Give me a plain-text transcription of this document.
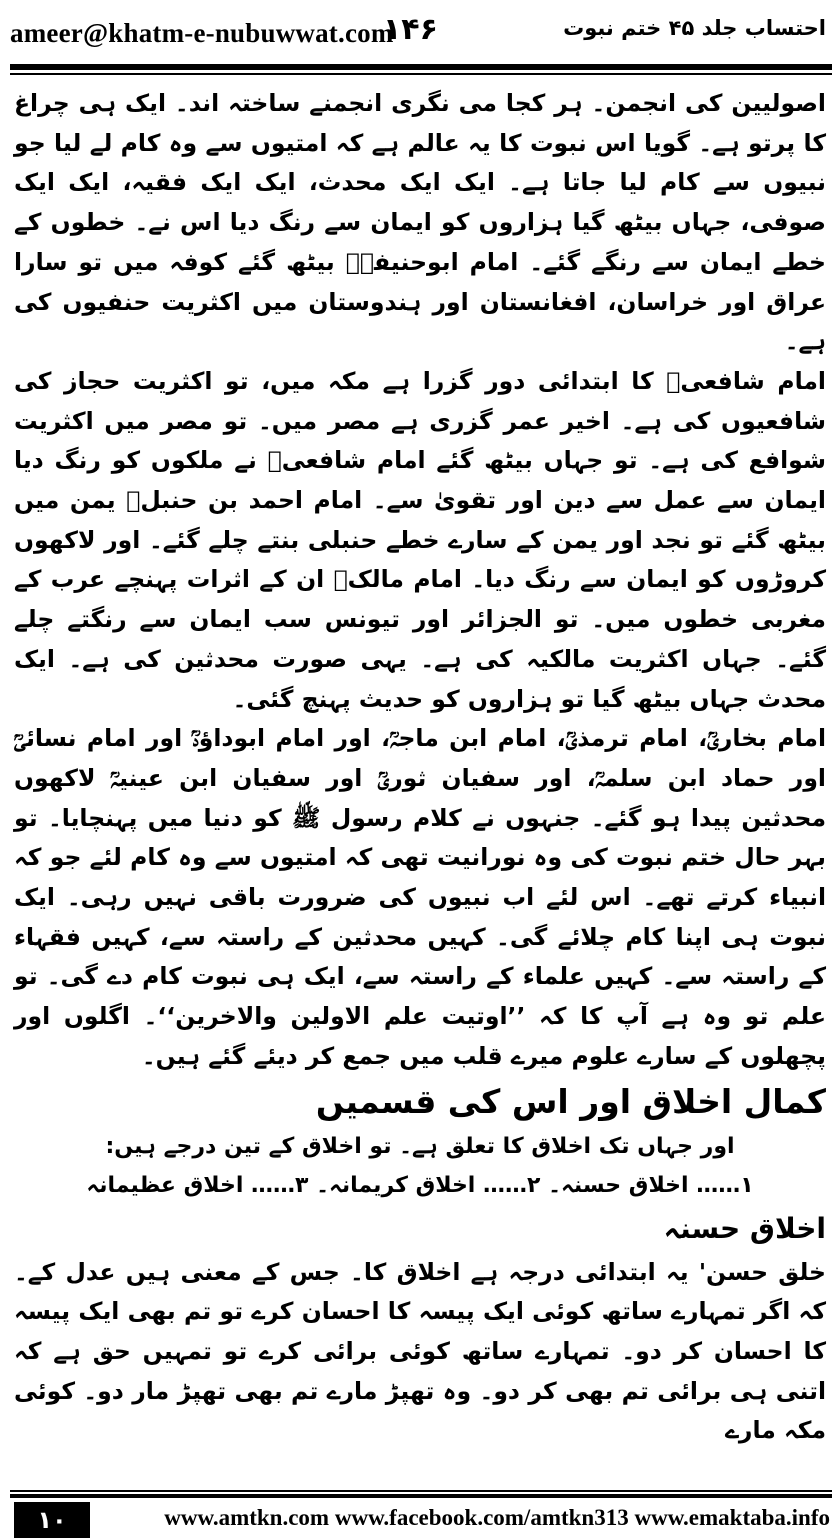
ameer@khatm-e-nubuwwat.com
۱۴۶	احتساب جلد ۴۵ ختم نبوت

اصولیین کی انجمن۔ ہر کجا می نگری انجمنے ساختہ اند۔ ایک ہی چراغ کا پرتو ہے۔ گویا اس نبوت کا یہ عالم ہے کہ امتیوں سے وہ کام لے لیا جو نبیوں سے کام لیا جاتا ہے۔ ایک ایک محدث، ایک ایک فقیہ، ایک ایک صوفی، جہاں بیٹھ گیا ہزاروں کو ایمان سے رنگ دیا اس نے۔ خطوں کے خطے ایمان سے رنگے گئے۔ امام ابوحنیفہؒ بیٹھ گئے کوفہ میں تو سارا عراق اور خراسان، افغانستان اور ہندوستان میں اکثریت حنفیوں کی ہے۔

امام شافعیؒ کا ابتدائی دور گزرا ہے مکہ میں، تو اکثریت حجاز کی شافعیوں کی ہے۔ اخیر عمر گزری ہے مصر میں۔ تو مصر میں اکثریت شوافع کی ہے۔ تو جہاں بیٹھ گئے امام شافعیؒ نے ملکوں کو رنگ دیا ایمان سے عمل سے دین اور تقویٰ سے۔ امام احمد بن حنبلؒ یمن میں بیٹھ گئے تو نجد اور یمن کے سارے خطے حنبلی بنتے چلے گئے۔ اور لاکھوں کروڑوں کو ایمان سے رنگ دیا۔ امام مالکؒ ان کے اثرات پہنچے عرب کے مغربی خطوں میں۔ تو الجزائر اور تیونس سب ایمان سے رنگتے چلے گئے۔ جہاں اکثریت مالکیہ کی ہے۔ یہی صورت محدثین کی ہے۔ ایک محدث جہاں بیٹھ گیا تو ہزاروں کو حدیث پہنچ گئی۔

امام بخاریؒ، امام ترمذیؒ، امام ابن ماجہؒ، اور امام ابوداؤدؒ اور امام نسائیؒ اور حماد ابن سلمہؒ، اور سفیان ثوریؒ اور سفیان ابن عینیہؒ لاکھوں محدثین پیدا ہو گئے۔ جنہوں نے کلام رسول ﷺ کو دنیا میں پہنچایا۔ تو بہر حال ختم نبوت کی وہ نورانیت تھی کہ امتیوں سے وہ کام لئے جو کہ انبیاء کرتے تھے۔ اس لئے اب نبیوں کی ضرورت باقی نہیں رہی۔ ایک نبوت ہی اپنا کام چلائے گی۔ کہیں محدثین کے راستہ سے، کہیں فقہاء کے راستہ سے۔ کہیں علماء کے راستہ سے، ایک ہی نبوت کام دے گی۔ تو علم تو وہ ہے آپ کا کہ ’’اوتیت علم الاولین والاخرین‘‘۔ اگلوں اور پچھلوں کے سارے علوم میرے قلب میں جمع کر دیئے گئے ہیں۔

کمال اخلاق اور اس کی قسمیں

اور جہاں تک اخلاق کا تعلق ہے۔ تو اخلاق کے تین درجے ہیں:

۱…… اخلاق حسنہ۔ ۲…… اخلاق کریمانہ۔ ۳…… اخلاق عظیمانہ

اخلاق حسنہ

خلق حسن' یہ ابتدائی درجہ ہے اخلاق کا۔ جس کے معنی ہیں عدل کے۔ کہ اگر تمہارے ساتھ کوئی ایک پیسہ کا احسان کرے تو تم بھی ایک پیسہ کا احسان کر دو۔ تمہارے ساتھ کوئی برائی کرے تو تمہیں حق ہے کہ اتنی ہی برائی تم بھی کر دو۔ وہ تھپڑ مارے تم بھی تھپڑ مار دو۔ کوئی مکہ مارے

۱۰	www.amtkn.com www.facebook.com/amtkn313 www.emaktaba.info
